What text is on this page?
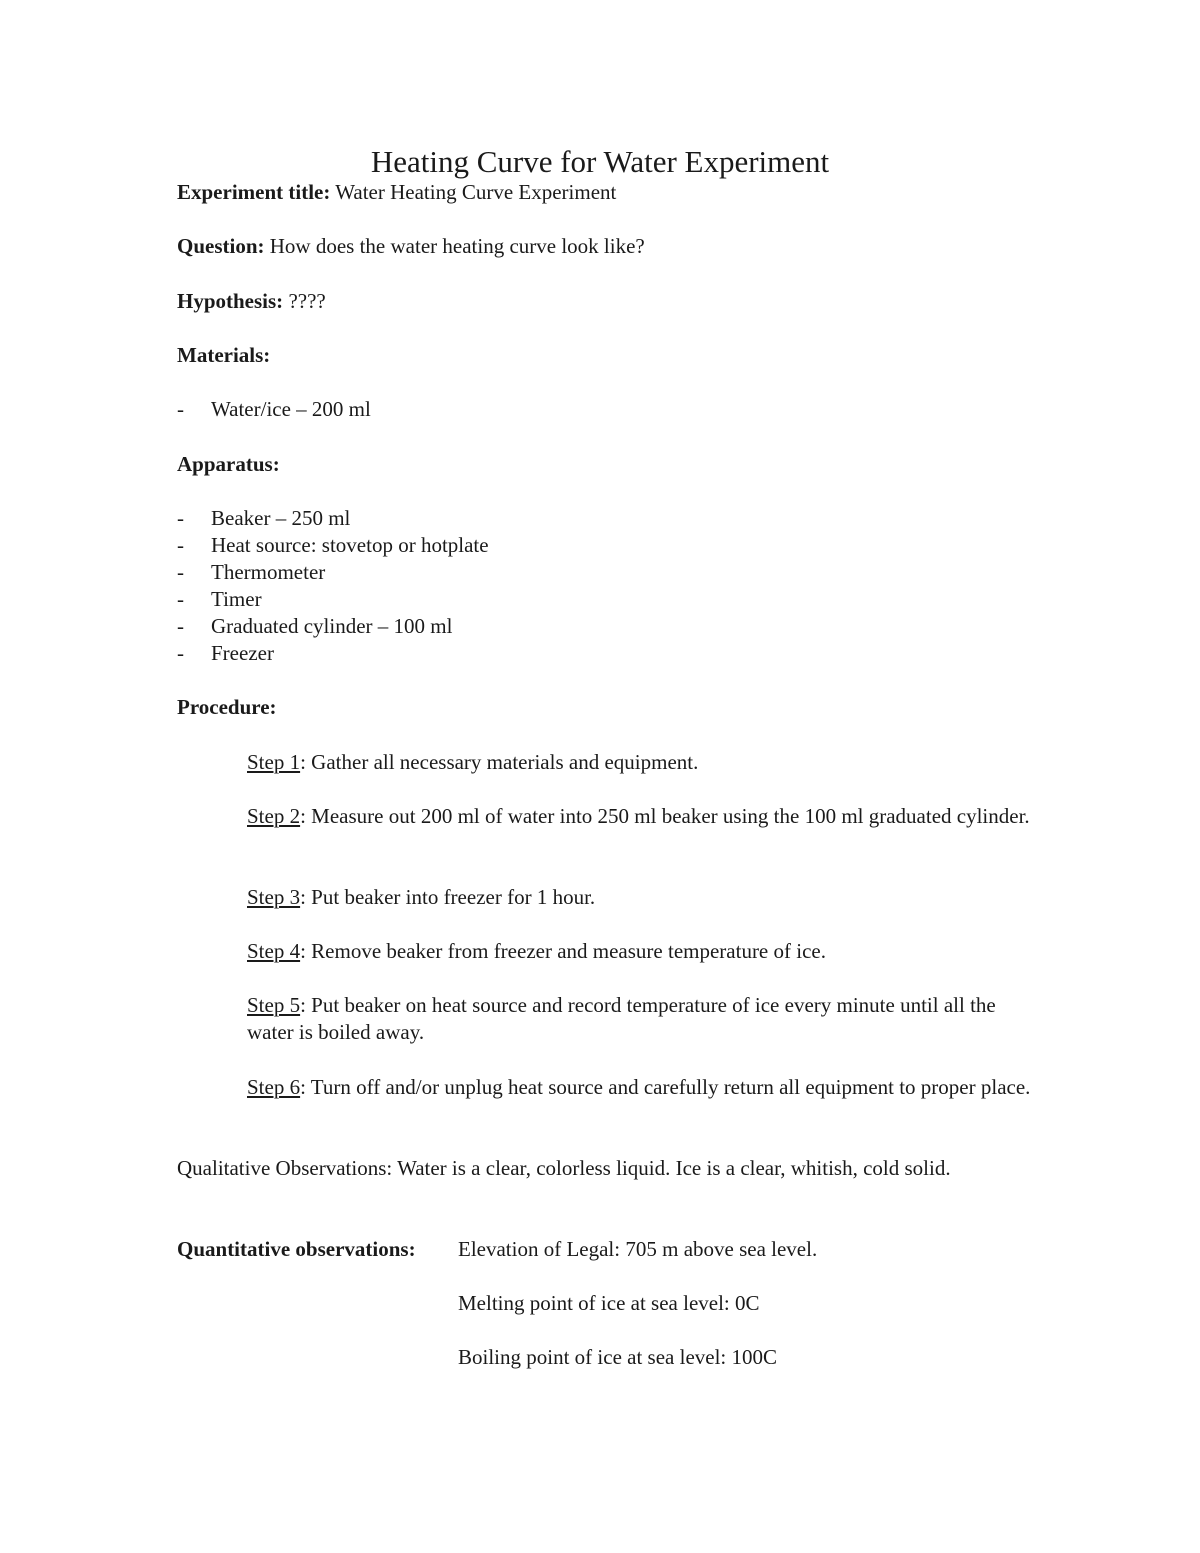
Heating Curve for Water Experiment
Experiment title: Water Heating Curve Experiment
Question: How does the water heating curve look like?
Hypothesis: ????
Materials:
- Water/ice – 200 ml
Apparatus:
- Beaker – 250 ml
- Heat source: stovetop or hotplate
- Thermometer
- Timer
- Graduated cylinder – 100 ml
- Freezer
Procedure:
Step 1: Gather all necessary materials and equipment.
Step 2: Measure out 200 ml of water into 250 ml beaker using the 100 ml graduated cylinder.
Step 3: Put beaker into freezer for 1 hour.
Step 4: Remove beaker from freezer and measure temperature of ice.
Step 5: Put beaker on heat source and record temperature of ice every minute until all the water is boiled away.
Step 6: Turn off and/or unplug heat source and carefully return all equipment to proper place.
Qualitative Observations: Water is a clear, colorless liquid. Ice is a clear, whitish, cold solid.
Quantitative observations: Elevation of Legal: 705 m above sea level.
Melting point of ice at sea level: 0C
Boiling point of ice at sea level: 100C
